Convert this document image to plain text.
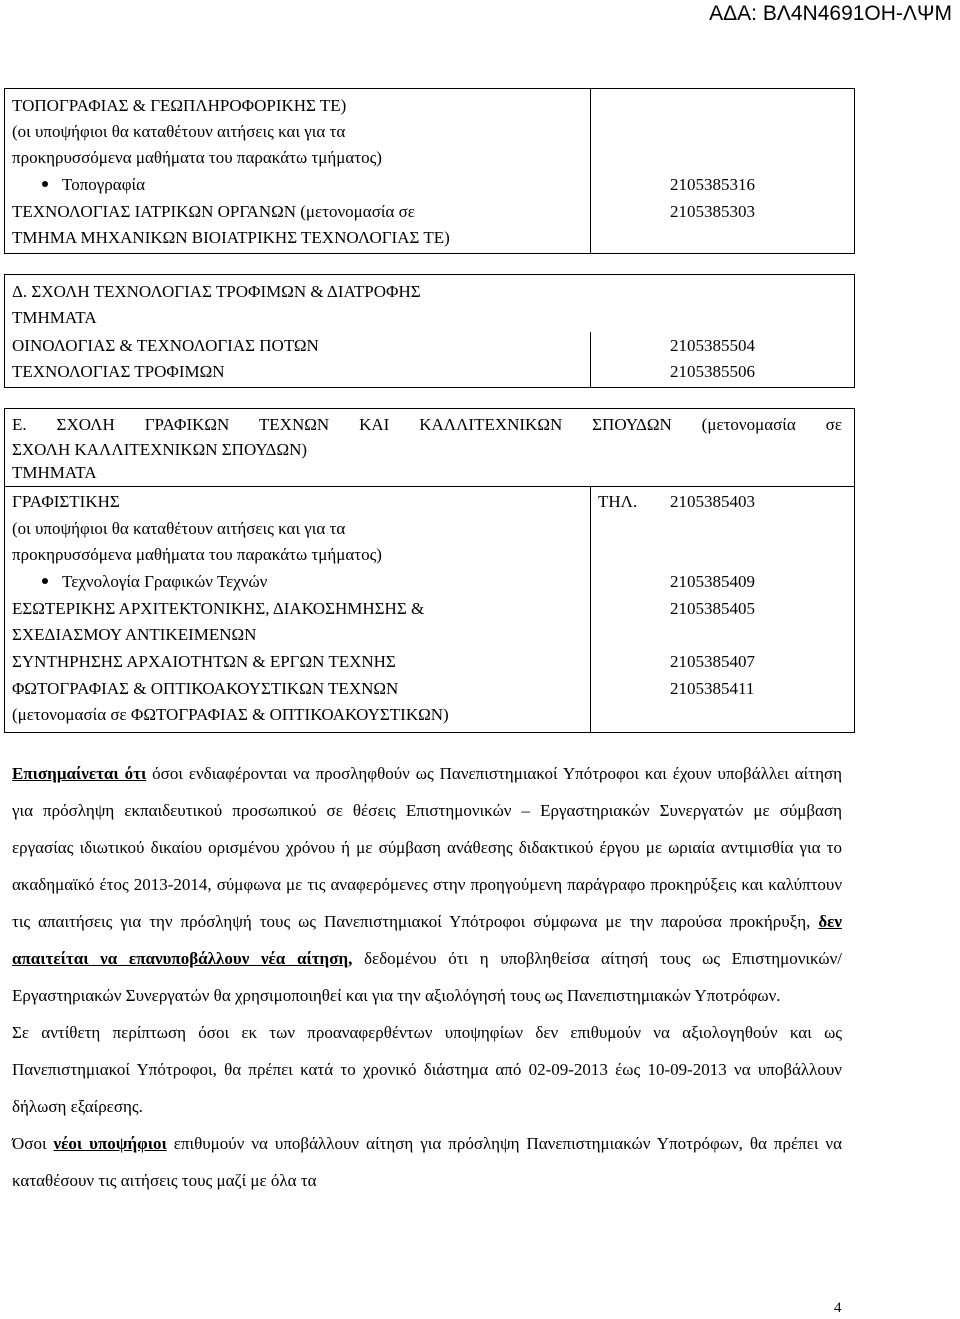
ΑΔΑ: ΒΛ4Ν4691ΟΗ-ΛΨΜ
ΤΟΠΟΓΡΑΦΙΑΣ & ΓΕΩΠΛΗΡΟΦΟΡΙΚΗΣ ΤΕ)
(οι υποψήφιοι θα καταθέτουν αιτήσεις και για τα
προκηρυσσόμενα μαθήματα του παρακάτω τμήματος)
Τοπογραφία	2105385316
ΤΕΧΝΟΛΟΓΙΑΣ ΙΑΤΡΙΚΩΝ ΟΡΓΑΝΩΝ (μετονομασία σε
ΤΜΗΜΑ ΜΗΧΑΝΙΚΩΝ ΒΙΟΙΑΤΡΙΚΗΣ ΤΕΧΝΟΛΟΓΙΑΣ ΤΕ)
2105385303
Δ. ΣΧΟΛΗ ΤΕΧΝΟΛΟΓΙΑΣ ΤΡΟΦΙΜΩΝ & ΔΙΑΤΡΟΦΗΣ
ΤΜΗΜΑΤΑ
ΟΙΝΟΛΟΓΙΑΣ & ΤΕΧΝΟΛΟΓΙΑΣ ΠΟΤΩΝ	2105385504
ΤΕΧΝΟΛΟΓΙΑΣ ΤΡΟΦΙΜΩΝ	2105385506
Ε. ΣΧΟΛΗ ΓΡΑΦΙΚΩΝ ΤΕΧΝΩΝ ΚΑΙ ΚΑΛΛΙΤΕΧΝΙΚΩΝ ΣΠΟΥΔΩΝ (μετονομασία σε
ΣΧΟΛΗ ΚΑΛΛΙΤΕΧΝΙΚΩΝ ΣΠΟΥΔΩΝ)
ΤΜΗΜΑΤΑ
ΓΡΑΦΙΣΤΙΚΗΣ	ΤΗΛ. 2105385403
(οι υποψήφιοι θα καταθέτουν αιτήσεις και για τα
προκηρυσσόμενα μαθήματα του παρακάτω τμήματος)
Τεχνολογία Γραφικών Τεχνών	2105385409
ΕΣΩΤΕΡΙΚΗΣ ΑΡΧΙΤΕΚΤΟΝΙΚΗΣ, ΔΙΑΚΟΣΗΜΗΣΗΣ &
ΣΧΕΔΙΑΣΜΟΥ ΑΝΤΙΚΕΙΜΕΝΩΝ
2105385405
ΣΥΝΤΗΡΗΣΗΣ ΑΡΧΑΙΟΤΗΤΩΝ & ΕΡΓΩΝ ΤΕΧΝΗΣ	2105385407
ΦΩΤΟΓΡΑΦΙΑΣ & ΟΠΤΙΚΟΑΚΟΥΣΤΙΚΩΝ ΤΕΧΝΩΝ
(μετονομασία σε ΦΩΤΟΓΡΑΦΙΑΣ & ΟΠΤΙΚΟΑΚΟΥΣΤΙΚΩΝ)
2105385411

Επισημαίνεται ότι όσοι ενδιαφέρονται να προσληφθούν ως Πανεπιστημιακοί Υπότροφοι και έχουν υποβάλλει αίτηση για πρόσληψη εκπαιδευτικού προσωπικού σε θέσεις Επιστημονικών – Εργαστηριακών Συνεργατών με σύμβαση εργασίας ιδιωτικού δικαίου ορισμένου χρόνου ή με σύμβαση ανάθεσης διδακτικού έργου με ωριαία αντιμισθία για το ακαδημαϊκό έτος 2013-2014, σύμφωνα με τις αναφερόμενες στην προηγούμενη παράγραφο προκηρύξεις και καλύπτουν τις απαιτήσεις για την πρόσληψή τους ως Πανεπιστημιακοί Υπότροφοι σύμφωνα με την παρούσα προκήρυξη, δεν απαιτείται να επανυποβάλλουν νέα αίτηση, δεδομένου ότι η υποβληθείσα αίτησή τους ως Επιστημονικών/Εργαστηριακών Συνεργατών θα χρησιμοποιηθεί και για την αξιολόγησή τους ως Πανεπιστημιακών Υποτρόφων.

Σε αντίθετη περίπτωση όσοι εκ των προαναφερθέντων υποψηφίων δεν επιθυμούν να αξιολογηθούν και ως Πανεπιστημιακοί Υπότροφοι, θα πρέπει κατά το χρονικό διάστημα από 02-09-2013 έως 10-09-2013 να υποβάλλουν δήλωση εξαίρεσης.

Όσοι νέοι υποψήφιοι επιθυμούν να υποβάλλουν αίτηση για πρόσληψη Πανεπιστημιακών Υποτρόφων, θα πρέπει να καταθέσουν τις αιτήσεις τους μαζί με όλα τα

4
